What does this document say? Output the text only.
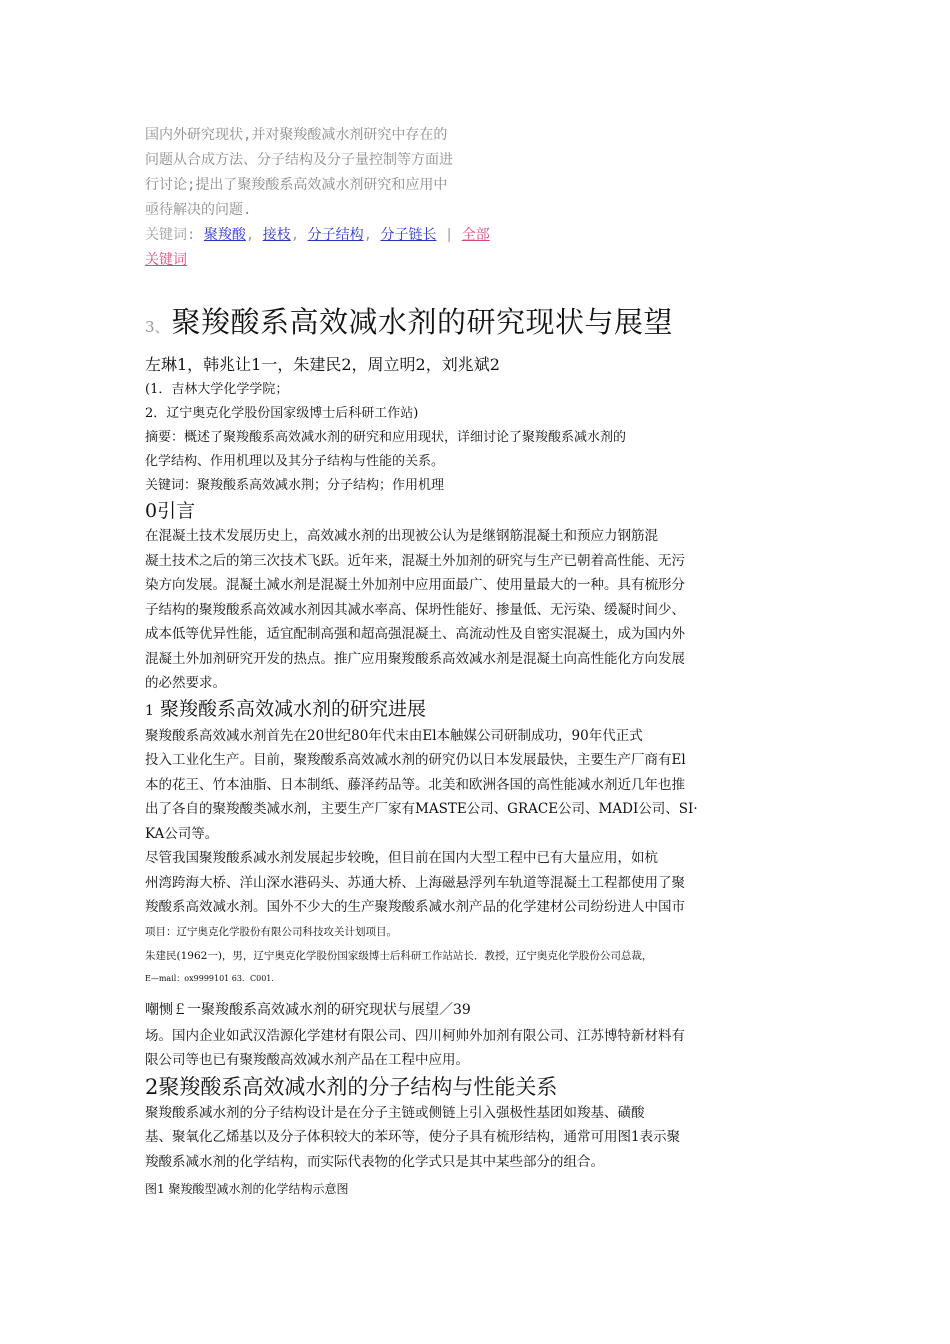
国内外研究现状,并对聚羧酸减水剂研究中存在的

问题从合成方法、分子结构及分子量控制等方面进

行讨论;提出了聚羧酸系高效减水剂研究和应用中

亟待解决的问题.

关键词: 聚羧酸, 接枝, 分子结构, 分子链长 | 全部

关键词

3、 聚羧酸系高效减水剂的研究现状与展望
左琳1，韩兆让1一，朱建民2，周立明2，刘兆斌2

(1．吉林大学化学学院；

2．辽宁奥克化学股份国家级博士后科研工作站)

摘要：概述了聚羧酸系高效减水剂的研究和应用现状，详细讨论了聚羧酸系减水剂的

化学结构、作用机理以及其分子结构与性能的关系。

关键词：聚羧酸系高效减水荆；分子结构；作用机理

0引言

在混凝土技术发展历史上，高效减水剂的出现被公认为是继钢筋混凝土和预应力钢筋混

凝土技术之后的第三次技术飞跃。近年来，混凝土外加剂的研究与生产已朝着高性能、无污

染方向发展。混凝土减水剂是混凝土外加剂中应用面最广、使用量最大的一种。具有梳形分

子结构的聚羧酸系高效减水剂因其减水率高、保坍性能好、掺量低、无污染、缓凝时间少、

成本低等优异性能，适宜配制高强和超高强混凝土、高流动性及自密实混凝土，成为国内外

混凝土外加剂研究开发的热点。推广应用聚羧酸系高效减水剂是混凝土向高性能化方向发展

的必然要求。

1 聚羧酸系高效减水剂的研究进展

聚羧酸系高效减水剂首先在20世纪80年代末由El本触媒公司研制成功，90年代正式

投入工业化生产。目前，聚羧酸系高效减水剂的研究仍以日本发展最快，主要生产厂商有El

本的花王、竹本油脂、日本制纸、藤泽药品等。北美和欧洲各国的高性能减水剂近几年也推

出了各自的聚羧酸类减水剂，主要生产厂家有MASTE公司、GRACE公司、MADI公司、SI·

KA公司等。

尽管我国聚羧酸系减水剂发展起步较晚，但目前在国内大型工程中已有大量应用，如杭

州湾跨海大桥、洋山深水港码头、苏通大桥、上海磁悬浮列车轨道等混凝土工程都使用了聚

羧酸系高效减水剂。国外不少大的生产聚羧酸系减水剂产品的化学建材公司纷纷进人中国市

项目：辽宁奥克化学股份有限公司科技攻关计划项目。

朱建民(1962一)，男，辽宁奥克化学股份国家级博士后科研工作站站长．教授，辽宁奥克化学股份公司总裁，

E—mail：ox9999101 63．C001．

嘲恻￡一聚羧酸系高效减水剂的研究现状与展望／39

场。国内企业如武汉浩源化学建材有限公司、四川柯帅外加剂有限公司、江苏博特新材料有

限公司等也已有聚羧酸高效减水剂产品在工程中应用。

2聚羧酸系高效减水剂的分子结构与性能关系

聚羧酸系减水剂的分子结构设计是在分子主链或侧链上引入强极性基团如羧基、磺酸

基、聚氧化乙烯基以及分子体积较大的苯环等，使分子具有梳形结构，通常可用图1表示聚

羧酸系减水剂的化学结构，而实际代表物的化学式只是其中某些部分的组合。

图1 聚羧酸型减水剂的化学结构示意图
